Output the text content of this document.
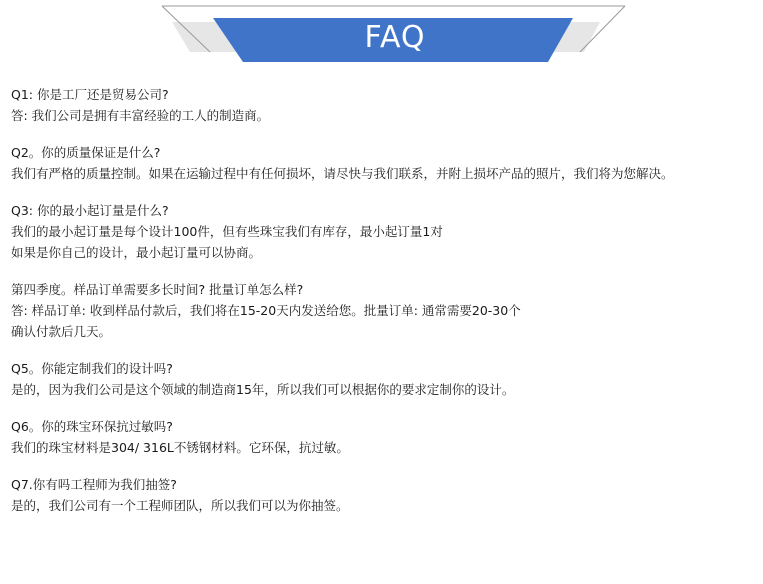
FAQ
Q1: 你是工厂还是贸易公司?
答: 我们公司是拥有丰富经验的工人的制造商。
Q2。你的质量保证是什么?
我们有严格的质量控制。如果在运输过程中有任何损坏，请尽快与我们联系，并附上损坏产品的照片，我们将为您解决。
Q3: 你的最小起订量是什么?
我们的最小起订量是每个设计100件，但有些珠宝我们有库存，最小起订量1对
如果是你自己的设计，最小起订量可以协商。
第四季度。样品订单需要多长时间? 批量订单怎么样?
答: 样品订单: 收到样品付款后，我们将在15-20天内发送给您。批量订单: 通常需要20-30个
确认付款后几天。
Q5。你能定制我们的设计吗?
是的，因为我们公司是这个领域的制造商15年，所以我们可以根据你的要求定制你的设计。
Q6。你的珠宝环保抗过敏吗?
我们的珠宝材料是304/ 316L不锈钢材料。它环保，抗过敏。
Q7.你有吗工程师为我们抽签?
是的，我们公司有一个工程师团队，所以我们可以为你抽签。
